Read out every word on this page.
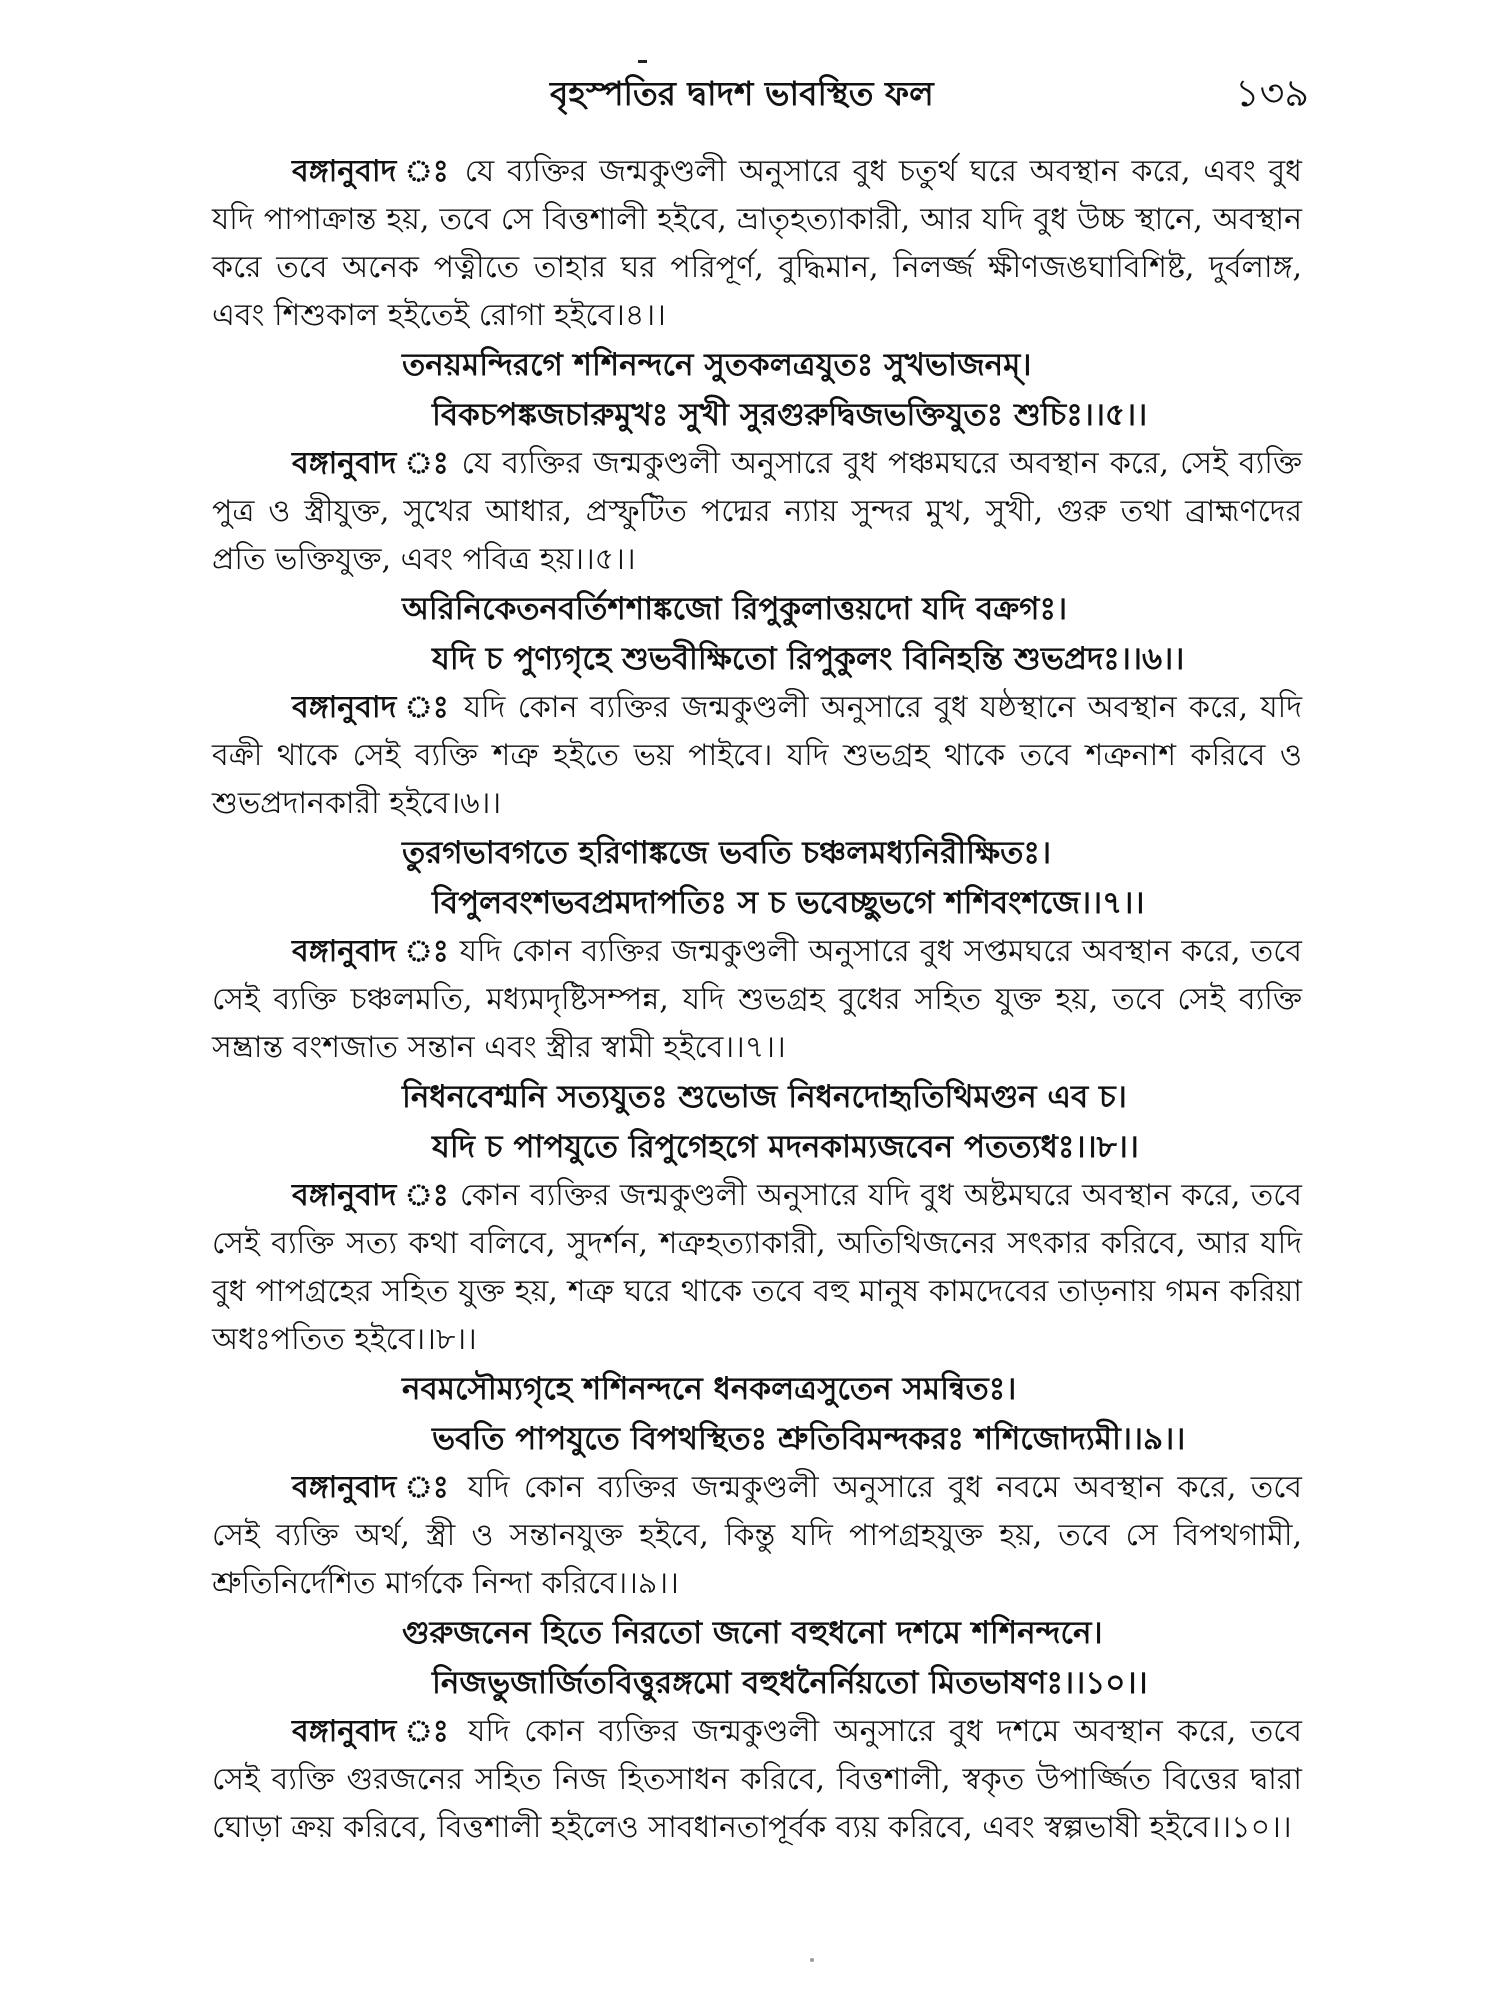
বৃহস্পতির দ্বাদশ ভাবস্থিত ফল	১৩৯

বঙ্গানুবাদ ঃ যে ব্যক্তির জন্মকুণ্ডলী অনুসারে বুধ চতুর্থ ঘরে অবস্থান করে, এবং বুধ যদি পাপাক্রান্ত হয়, তবে সে বিত্তশালী হইবে, ভ্রাতৃহত্যাকারী, আর যদি বুধ উচ্চ স্থানে, অবস্থান করে তবে অনেক পত্নীতে তাহার ঘর পরিপূর্ণ, বুদ্ধিমান, নিলর্জ্জ ক্ষীণজঙঘাবিশিষ্ট, দুর্বলাঙ্গ, এবং শিশুকাল হইতেই রোগা হইবে।৪।।

তনয়মন্দিরগে শশিনন্দনে সুতকলত্রযুতঃ সুখভাজনম্।

বিকচপঙ্কজচারুমুখঃ সুখী সুরগুরুদ্বিজভক্তিযুতঃ শুচিঃ।।৫।।

বঙ্গানুবাদ ঃ যে ব্যক্তির জন্মকুণ্ডলী অনুসারে বুধ পঞ্চমঘরে অবস্থান করে, সেই ব্যক্তি পুত্র ও স্ত্রীযুক্ত, সুখের আধার, প্রস্ফুটিত পদ্মের ন্যায় সুন্দর মুখ, সুখী, গুরু তথা ব্রাহ্মণদের প্রতি ভক্তিযুক্ত, এবং পবিত্র হয়।।৫।।

অরিনিকেতনবর্তিশশাঙ্কজো রিপুকুলাত্তয়দো যদি বক্রগঃ।

যদি চ পুণ্যগৃহে শুভবীক্ষিতো রিপুকুলং বিনিহন্তি শুভপ্রদঃ।।৬।।

বঙ্গানুবাদ ঃ যদি কোন ব্যক্তির জন্মকুণ্ডলী অনুসারে বুধ যষ্ঠস্থানে অবস্থান করে, যদি বক্রী থাকে সেই ব্যক্তি শত্রু হইতে ভয় পাইবে। যদি শুভগ্রহ থাকে তবে শত্রুনাশ করিবে ও শুভপ্রদানকারী হইবে।৬।।

তুরগভাবগতে হরিণাঙ্কজে ভবতি চঞ্চলমধ্যনিরীক্ষিতঃ।

বিপুলবংশভবপ্রমদাপতিঃ স চ ভবেচ্ছুভগে শশিবংশজে।।৭।।

বঙ্গানুবাদ ঃ যদি কোন ব্যক্তির জন্মকুণ্ডলী অনুসারে বুধ সপ্তমঘরে অবস্থান করে, তবে সেই ব্যক্তি চঞ্চলমতি, মধ্যমদৃষ্টিসম্পন্ন, যদি শুভগ্রহ বুধের সহিত যুক্ত হয়, তবে সেই ব্যক্তি সম্ভ্রান্ত বংশজাত সন্তান এবং স্ত্রীর স্বামী হইবে।।৭।।

নিধনবেশ্মনি সত্যযুতঃ শুভোজ নিধনদোহৃতিথিমগুন এব চ।

যদি চ পাপযুতে রিপুগেহগে মদনকাম্যজবেন পতত্যধঃ।।৮।।

বঙ্গানুবাদ ঃ কোন ব্যক্তির জন্মকুণ্ডলী অনুসারে যদি বুধ অষ্টমঘরে অবস্থান করে, তবে সেই ব্যক্তি সত্য কথা বলিবে, সুদর্শন, শত্রুহত্যাকারী, অতিথিজনের সৎকার করিবে, আর যদি বুধ পাপগ্রহের সহিত যুক্ত হয়, শত্রু ঘরে থাকে তবে বহু মানুষ কামদেবের তাড়নায় গমন করিয়া অধঃপতিত হইবে।।৮।।

নবমসৌম্যগৃহে শশিনন্দনে ধনকলত্রসুতেন সমন্বিতঃ।

ভবতি পাপযুতে বিপথস্থিতঃ শ্রুতিবিমন্দকরঃ শশিজোদ্যমী।।৯।।

বঙ্গানুবাদ ঃ যদি কোন ব্যক্তির জন্মকুণ্ডলী অনুসারে বুধ নবমে অবস্থান করে, তবে সেই ব্যক্তি অর্থ, স্ত্রী ও সন্তানযুক্ত হইবে, কিন্তু যদি পাপগ্রহযুক্ত হয়, তবে সে বিপথগামী, শ্রুতিনির্দেশিত মার্গকে নিন্দা করিবে।।৯।।

গুরুজনেন হিতে নিরতো জনো বহুধনো দশমে শশিনন্দনে।

নিজভুজার্জিতবিত্তুরঙ্গমো বহুধনৈর্নিয়তো মিতভাষণঃ।।১০।।

বঙ্গানুবাদ ঃ যদি কোন ব্যক্তির জন্মকুণ্ডলী অনুসারে বুধ দশমে অবস্থান করে, তবে সেই ব্যক্তি গুরজনের সহিত নিজ হিতসাধন করিবে, বিত্তশালী, স্বকৃত উপার্জ্জিত বিত্তের দ্বারা ঘোড়া ক্রয় করিবে, বিত্তশালী হইলেও সাবধানতাপূর্বক ব্যয় করিবে, এবং স্বল্পভাষী হইবে।।১০।।
